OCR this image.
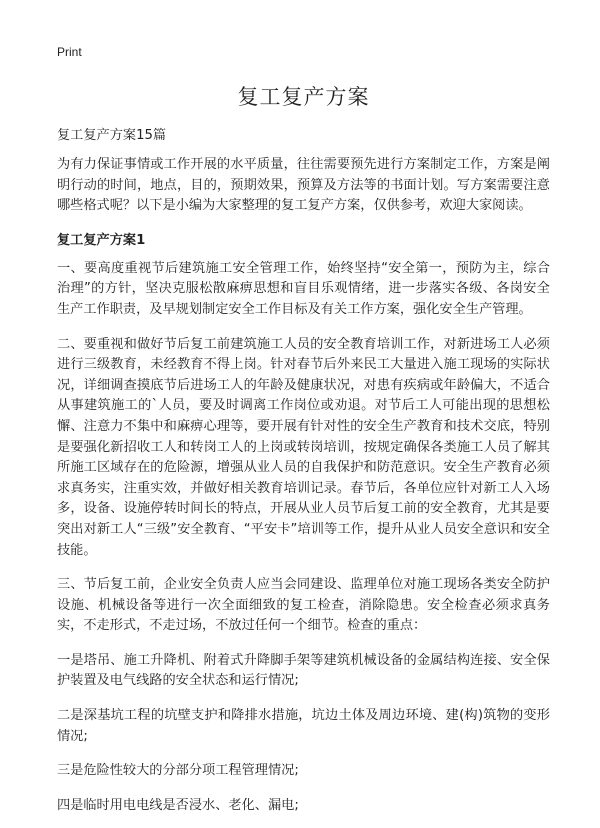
Print
复工复产方案
复工复产方案15篇

为有力保证事情或工作开展的水平质量，往往需要预先进行方案制定工作，方案是阐明行动的时间，地点，目的，预期效果，预算及方法等的书面计划。写方案需要注意哪些格式呢？以下是小编为大家整理的复工复产方案，仅供参考，欢迎大家阅读。

复工复产方案1

一、要高度重视节后建筑施工安全管理工作，始终坚持“安全第一，预防为主，综合治理”的方针，坚决克服松散麻痹思想和盲目乐观情绪，进一步落实各级、各岗安全生产工作职责，及早规划制定安全工作目标及有关工作方案，强化安全生产管理。

二、要重视和做好节后复工前建筑施工人员的安全教育培训工作，对新进场工人必须进行三级教育，未经教育不得上岗。针对春节后外来民工大量进入施工现场的实际状况，详细调查摸底节后进场工人的年龄及健康状况，对患有疾病或年龄偏大，不适合从事建筑施工的`人员，要及时调离工作岗位或劝退。对节后工人可能出现的思想松懈、注意力不集中和麻痹心理等，要开展有针对性的安全生产教育和技术交底，特别是要强化新招收工人和转岗工人的上岗或转岗培训，按规定确保各类施工人员了解其所施工区域存在的危险源，增强从业人员的自我保护和防范意识。安全生产教育必须求真务实，注重实效，并做好相关教育培训记录。春节后，各单位应针对新工人入场多，设备、设施停转时间长的特点，开展从业人员节后复工前的安全教育，尤其是要突出对新工人“三级”安全教育、“平安卡”培训等工作，提升从业人员安全意识和安全技能。

三、节后复工前，企业安全负责人应当会同建设、监理单位对施工现场各类安全防护设施、机械设备等进行一次全面细致的复工检查，消除隐患。安全检查必须求真务实，不走形式，不走过场，不放过任何一个细节。检查的重点：

一是塔吊、施工升降机、附着式升降脚手架等建筑机械设备的金属结构连接、安全保护装置及电气线路的安全状态和运行情况;

二是深基坑工程的坑壁支护和降排水措施，坑边土体及周边环境、建(构)筑物的变形情况;

三是危险性较大的分部分项工程管理情况;

四是临时用电电线是否浸水、老化、漏电;
